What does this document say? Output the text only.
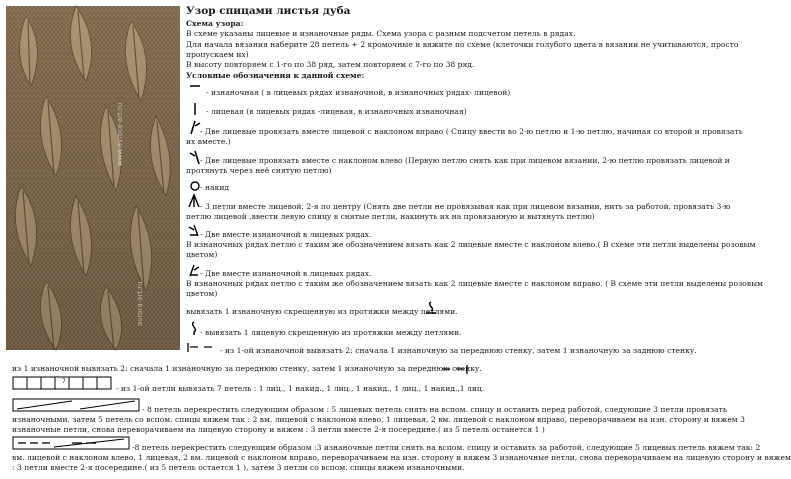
www.avrora-art.ru
avrora-art.ru
Узор спицами листья дуба
Схема узора:
В схеме указаны лицевые и изнаночные ряды. Схема узора с разным подсчетом петель в рядах.
Для начала вязания наберите 28 петель + 2 кромочные и вяжите по схеме (клеточки голубого цвета в вязании не учитываются, просто
пропускаем их)
В высоту повторяем с 1-го по 38 ряд, затем повторяем с 7-го по 38 ряд.
Условные обозначения к данной схеме:
- изнаночная ( в лицевых рядах изнаночной, в изнаночных рядах- лицевой)
- лицевая (в лицевых рядах -лицевая, в изнаночных изнаночная)
- Две лицевые провязать вместе лицевой с наклоном вправо ( Спицу ввести во 2-ю петлю и 1-ю петлю, начиная со второй и провязать
их вместе.)
- Две лицевые провязать вместе с наклоном влево (Первую петлю снять как при лицевом вязании, 2-ю петлю провязать лицевой и
протянуть через неё снятую петлю)
- накид
- 3 петли вместе лицевой, 2-я по центру (Снять две петли не провязывая как при лицевом вязании, нить за работой, провязать 3-ю
петлю лицевой ,ввести левую спицу в снятые петли, накинуть их на провязанную и вытянуть петлю)
- Две вместе изнаночной в лицевых рядах.
В изнаночных рядах петлю с таким же обозначением вязать как 2 лицевые вместе с наклоном влево.( В схеме эти петли выделены розовым
цветом)
- Две вместе изнаночной в лицевых рядах.
В изнаночных рядах петлю с таким же обозначением вязать как 2 лицевые вместе с наклоном вправо. ( В схеме эти петли выделены розовым
цветом)
вывязать 1 изнаночную скрещенную из протяжки между петлями.
- вывязать 1 лицевую скрещенную из протяжки между петлями.
- из 1-ой изнаночной вывязать 2: сначала 1 изнаночную за переднюю стенку, затем 1 изнаночную за заднюю стенку.
из 1 изнаночной вывязать 2: сначала 1 изнаночную за переднюю стенку, затем 1 изнаночную за переднюю стенку.
7
- из 1-ой петли вывязать 7 петель : 1 лиц., 1 накид., 1 лиц., 1 накид., 1 лиц., 1 накид.,1 лиц.
- 8 петель перекрестить следующим образом : 5 лицевых петель снять на вспом. спицу и оставить перед работой, следующие 3 петли провязать
изнаночными, затем 5 петель со вспом. спицы вяжем так : 2 вм. лицевой с наклоном влево, 1 лицевая, 2 вм. лицевой с наклоном вправо, переворачиваем на изн. сторону и вяжем 3
изнаночные петли, снова переворачиваем на лицевую сторону и вяжем : 3 петли вместе 2-я посередине.( из 5 петель останется 1 )
-8 петель перекрестить следующим образом :3 изнаночные петли снять на вспом. спицу и оставить за работой, следующие 5 лицевых петель вяжем так: 2
вм. лицевой с наклоном влево, 1 лицевая, 2 вм. лицевой с наклоном вправо, переворачиваем на изн. сторону и вяжем 3 изнаночные петли, снова переворачиваем на лицевую сторону и вяжем
: 3 петли вместе 2-я посередине.( из 5 петель остается 1 ), затем 3 петли со вспом. спицы вяжем изнаночными.
